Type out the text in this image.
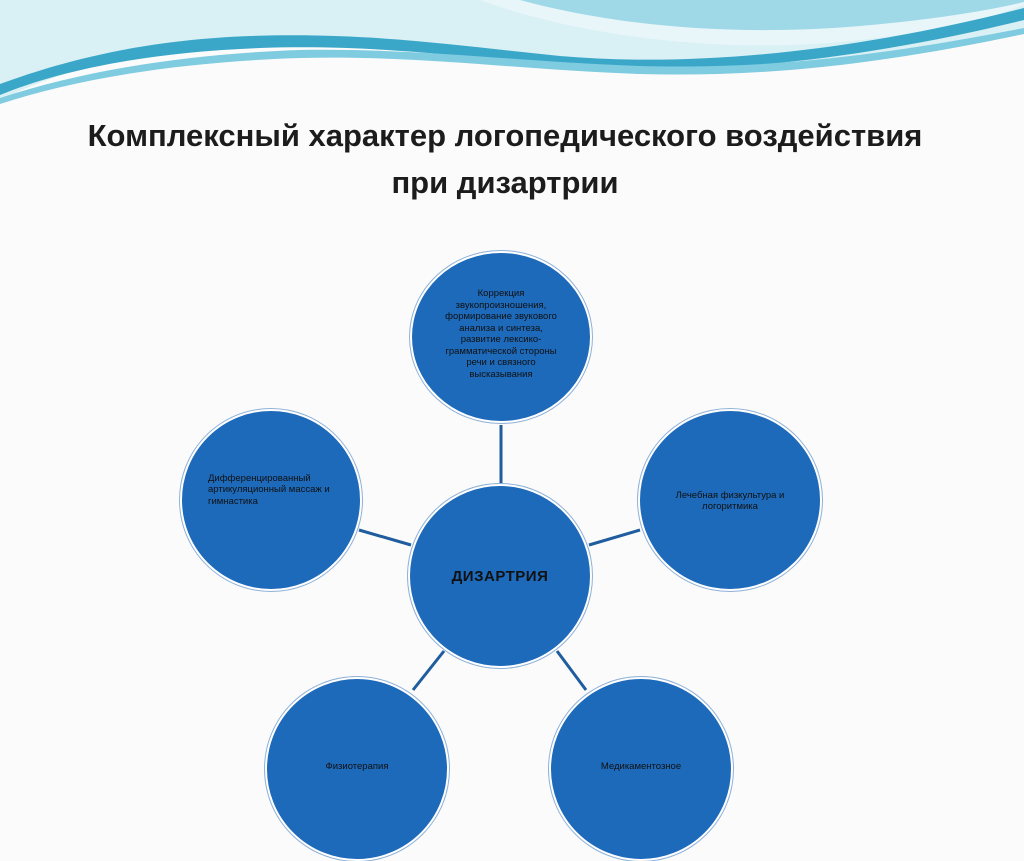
Комплексный характер логопедического воздействия
при дизартрии
Коррекция звукопроизношения, формирование звукового анализа и синтеза, развитие лексико-грамматической стороны речи и связного высказывания
Дифференцированный артикуляционный массаж и гимнастика
Лечебная физкультура и логоритмика
ДИЗАРТРИЯ
Физиотерапия	Медикаментозное
